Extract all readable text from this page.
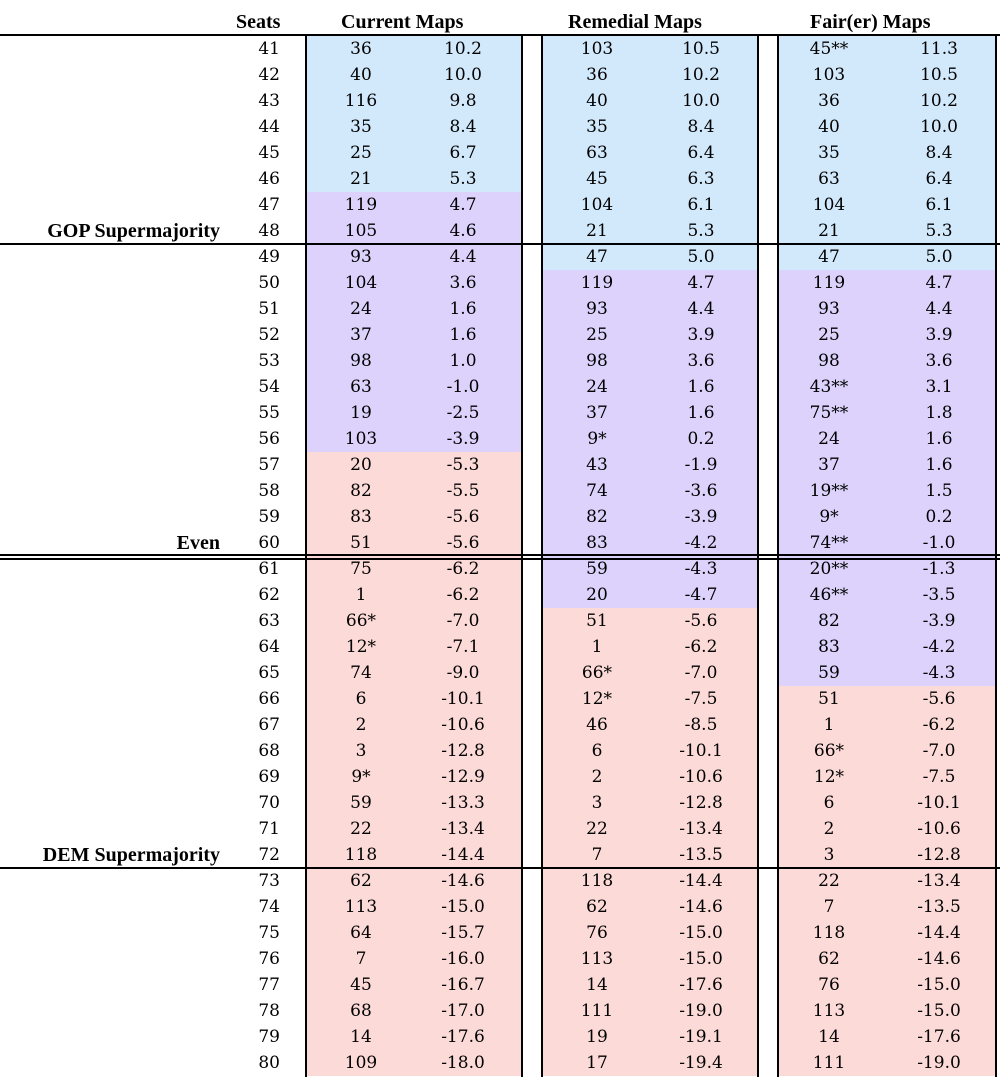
Seats	Current Maps	Remedial Maps	Fair(er) Maps
41	36	10.2	103	10.5	45**	11.3
42	40	10.0	36	10.2	103	10.5
43	116	9.8	40	10.0	36	10.2
44	35	8.4	35	8.4	40	10.0
45	25	6.7	63	6.4	35	8.4
46	21	5.3	45	6.3	63	6.4
47	119	4.7	104	6.1	104	6.1
48	105	4.6	21	5.3	21	5.3
49	93	4.4	47	5.0	47	5.0
50	104	3.6	119	4.7	119	4.7
51	24	1.6	93	4.4	93	4.4
52	37	1.6	25	3.9	25	3.9
53	98	1.0	98	3.6	98	3.6
54	63	-1.0	24	1.6	43**	3.1
55	19	-2.5	37	1.6	75**	1.8
56	103	-3.9	9*	0.2	24	1.6
57	20	-5.3	43	-1.9	37	1.6
58	82	-5.5	74	-3.6	19**	1.5
59	83	-5.6	82	-3.9	9*	0.2
60	51	-5.6	83	-4.2	74**	-1.0
61	75	-6.2	59	-4.3	20**	-1.3
62	1	-6.2	20	-4.7	46**	-3.5
63	66*	-7.0	51	-5.6	82	-3.9
64	12*	-7.1	1	-6.2	83	-4.2
65	74	-9.0	66*	-7.0	59	-4.3
66	6	-10.1	12*	-7.5	51	-5.6
67	2	-10.6	46	-8.5	1	-6.2
68	3	-12.8	6	-10.1	66*	-7.0
69	9*	-12.9	2	-10.6	12*	-7.5
70	59	-13.3	3	-12.8	6	-10.1
71	22	-13.4	22	-13.4	2	-10.6
72	118	-14.4	7	-13.5	3	-12.8
73	62	-14.6	118	-14.4	22	-13.4
74	113	-15.0	62	-14.6	7	-13.5
75	64	-15.7	76	-15.0	118	-14.4
76	7	-16.0	113	-15.0	62	-14.6
77	45	-16.7	14	-17.6	76	-15.0
78	68	-17.0	111	-19.0	113	-15.0
79	14	-17.6	19	-19.1	14	-17.6
80	109	-18.0	17	-19.4	111	-19.0
GOP Supermajority
Even
DEM Supermajority
